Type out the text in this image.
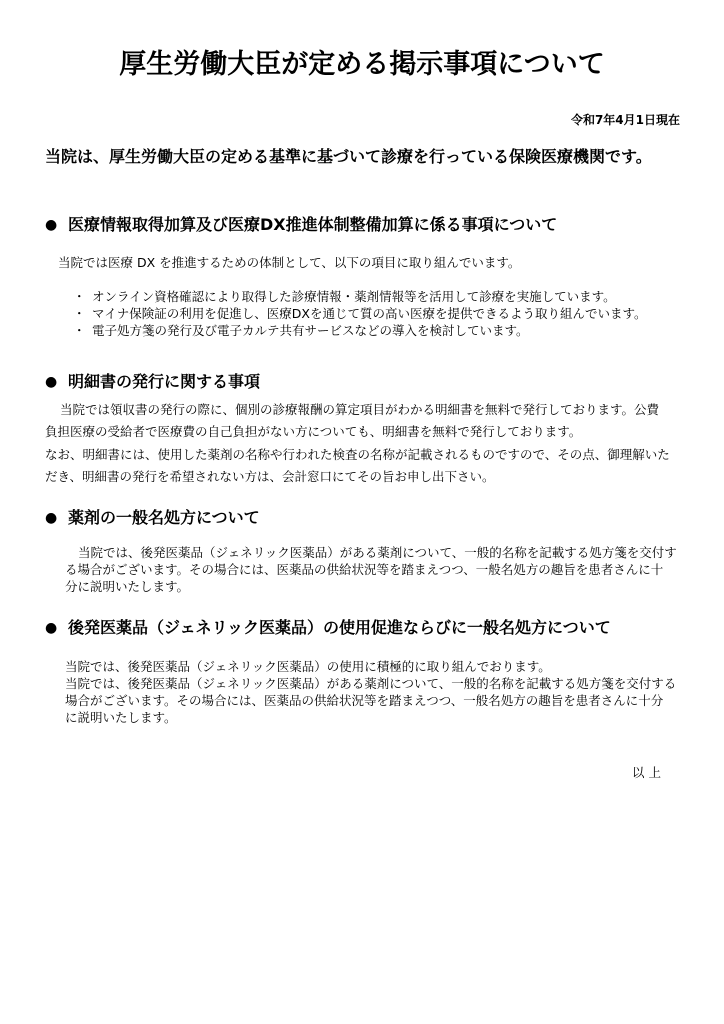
厚生労働大臣が定める掲示事項について
令和7年4月1日現在
当院は、厚生労働大臣の定める基準に基づいて診療を行っている保険医療機関です。
● 医療情報取得加算及び医療DX推進体制整備加算に係る事項について
当院では医療 DX を推進するための体制として、以下の項目に取り組んでいます。
・ オンライン資格確認により取得した診療情報・薬剤情報等を活用して診療を実施しています。
・ マイナ保険証の利用を促進し、医療DXを通じて質の高い医療を提供できるよう取り組んでいます。
・ 電子処方箋の発行及び電子カルテ共有サービスなどの導入を検討しています。
● 明細書の発行に関する事項
当院では領収書の発行の際に、個別の診療報酬の算定項目がわかる明細書を無料で発行しております。公費
負担医療の受給者で医療費の自己負担がない方についても、明細書を無料で発行しております。
なお、明細書には、使用した薬剤の名称や行われた検査の名称が記載されるものですので、その点、御理解いた
だき、明細書の発行を希望されない方は、会計窓口にてその旨お申し出下さい。
● 薬剤の一般名処方について
当院では、後発医薬品（ジェネリック医薬品）がある薬剤について、一般的名称を記載する処方箋を交付す
る場合がございます。その場合には、医薬品の供給状況等を踏まえつつ、一般名処方の趣旨を患者さんに十
分に説明いたします。
● 後発医薬品（ジェネリック医薬品）の使用促進ならびに一般名処方について
当院では、後発医薬品（ジェネリック医薬品）の使用に積極的に取り組んでおります。
当院では、後発医薬品（ジェネリック医薬品）がある薬剤について、一般的名称を記載する処方箋を交付する
場合がございます。その場合には、医薬品の供給状況等を踏まえつつ、一般名処方の趣旨を患者さんに十分
に説明いたします。
以 上
